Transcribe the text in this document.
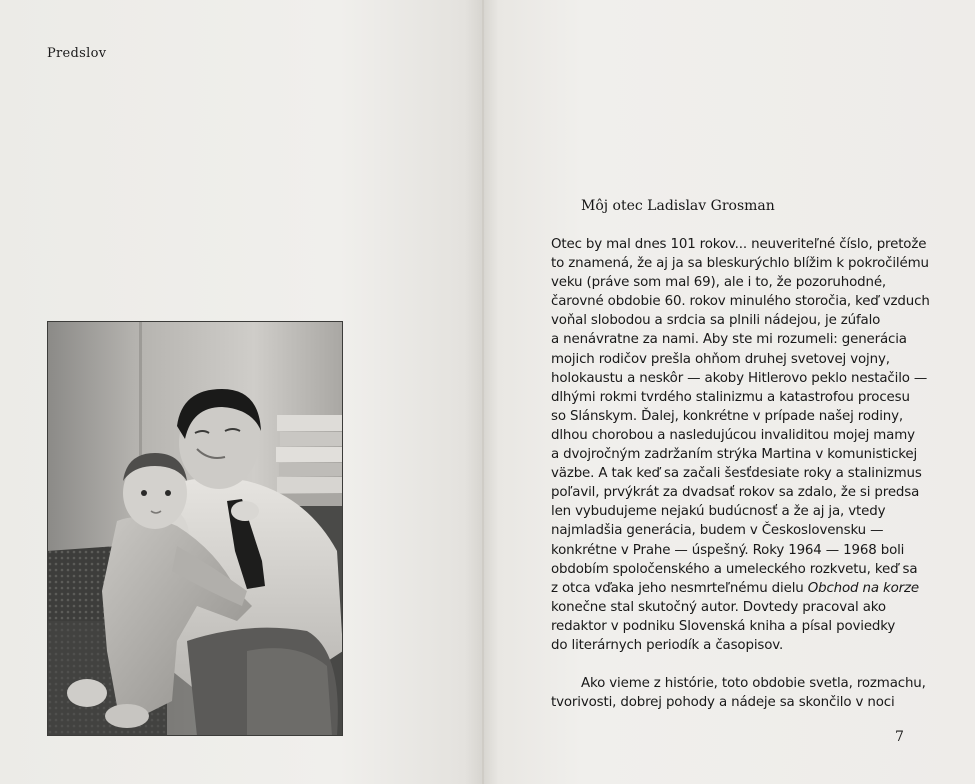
Predslov
Môj otec Ladislav Grosman
Otec by mal dnes 101 rokov... neuveriteľné číslo, pretože
to znamená, že aj ja sa bleskurýchlo blížim k pokročilému
veku (práve som mal 69), ale i to, že pozoruhodné,
čarovné obdobie 60. rokov minulého storočia, keď vzduch
voňal slobodou a srdcia sa plnili nádejou, je zúfalo
a nenávratne za nami. Aby ste mi rozumeli: generácia
mojich rodičov prešla ohňom druhej svetovej vojny,
holokaustu a neskôr — akoby Hitlerovo peklo nestačilo —
dlhými rokmi tvrdého stalinizmu a katastrofou procesu
so Slánskym. Ďalej, konkrétne v prípade našej rodiny,
dlhou chorobou a nasledujúcou invaliditou mojej mamy
a dvojročným zadržaním strýka Martina v komunistickej
väzbe. A tak keď sa začali šesťdesiate roky a stalinizmus
poľavil, prvýkrát za dvadsať rokov sa zdalo, že si predsa
len vybudujeme nejakú budúcnosť a že aj ja, vtedy
najmladšia generácia, budem v Československu —
konkrétne v Prahe — úspešný. Roky 1964 — 1968 boli
obdobím spoločenského a umeleckého rozkvetu, keď sa
z otca vďaka jeho nesmrteľnému dielu Obchod na korze
konečne stal skutočný autor. Dovtedy pracoval ako
redaktor v podniku Slovenská kniha a písal poviedky
do literárnych periodík a časopisov.
Ako vieme z histórie, toto obdobie svetla, rozmachu,
tvorivosti, dobrej pohody a nádeje sa skončilo v noci
7
